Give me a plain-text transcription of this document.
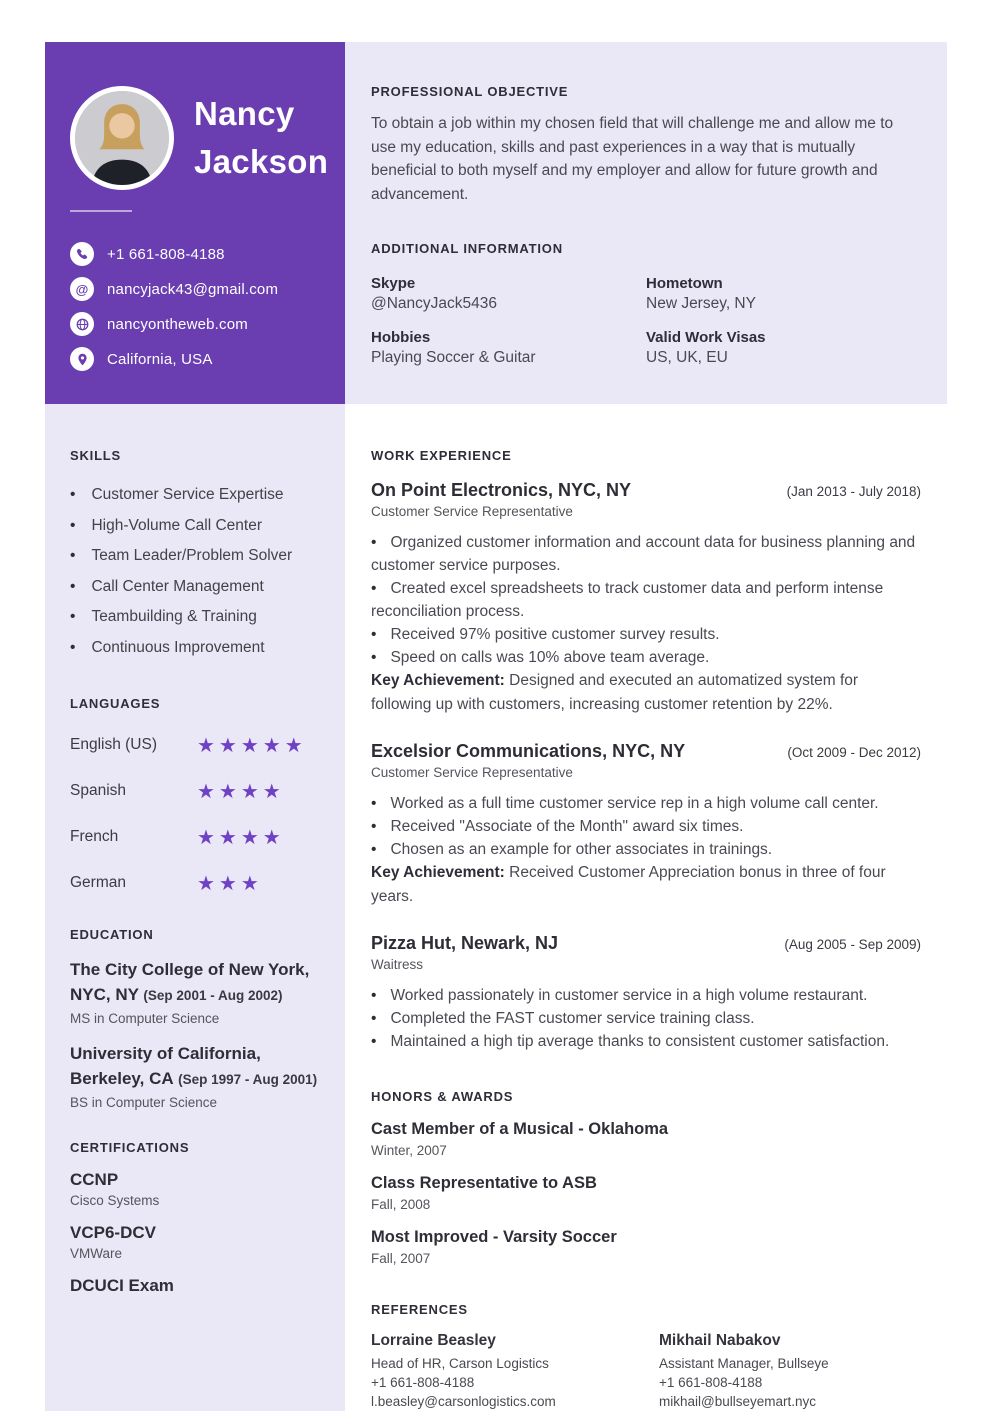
Nancy
Jackson
+1 661-808-4188
@	nancyjack43@gmail.com
nancyontheweb.com
California, USA
PROFESSIONAL OBJECTIVE

To obtain a job within my chosen field that will challenge me and allow me to use my education, skills and past experiences in a way that is mutually beneficial to both myself and my employer and allow for future growth and advancement.

ADDITIONAL INFORMATION
Skype
@NancyJack5436
Hometown
New Jersey, NY
Hobbies
Playing Soccer & Guitar
Valid Work Visas
US, UK, EU
SKILLS
• Customer Service Expertise
• High-Volume Call Center
• Team Leader/Problem Solver
• Call Center Management
• Teambuilding & Training
• Continuous Improvement
LANGUAGES
English (US)	★★★★★
Spanish	★★★★
French	★★★★
German	★★★
EDUCATION
The City College of New York, NYC, NY (Sep 2001 - Aug 2002)
MS in Computer Science
University of California, Berkeley, CA (Sep 1997 - Aug 2001)
BS in Computer Science
CERTIFICATIONS
CCNP
Cisco Systems
VCP6-DCV
VMWare
DCUCI Exam
WORK EXPERIENCE
On Point Electronics, NYC, NY	(Jan 2013 - July 2018)
Customer Service Representative
• Organized customer information and account data for business planning and customer service purposes.
• Created excel spreadsheets to track customer data and perform intense reconciliation process.
• Received 97% positive customer survey results.
• Speed on calls was 10% above team average.
Key Achievement: Designed and executed an automatized system for following up with customers, increasing customer retention by 22%.
Excelsior Communications, NYC, NY	(Oct 2009 - Dec 2012)
Customer Service Representative
• Worked as a full time customer service rep in a high volume call center.
• Received "Associate of the Month" award six times.
• Chosen as an example for other associates in trainings.
Key Achievement: Received Customer Appreciation bonus in three of four years.
Pizza Hut, Newark, NJ	(Aug 2005 - Sep 2009)
Waitress
• Worked passionately in customer service in a high volume restaurant.
• Completed the FAST customer service training class.
• Maintained a high tip average thanks to consistent customer satisfaction.
HONORS & AWARDS
Cast Member of a Musical - Oklahoma
Winter, 2007
Class Representative to ASB
Fall, 2008
Most Improved - Varsity Soccer
Fall, 2007
REFERENCES
Lorraine Beasley
Head of HR, Carson Logistics
+1 661-808-4188
l.beasley@carsonlogistics.com
Mikhail Nabakov
Assistant Manager, Bullseye
+1 661-808-4188
mikhail@bullseyemart.nyc
